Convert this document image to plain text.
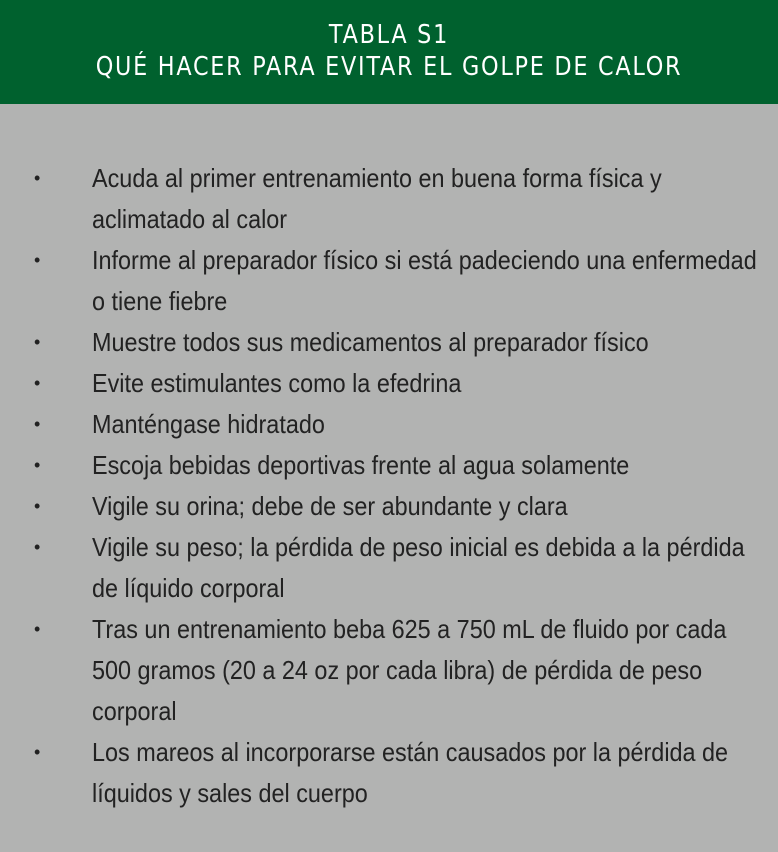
TABLA S1
QUÉ HACER PARA EVITAR EL GOLPE DE CALOR
• Acuda al primer entrenamiento en buena forma física y aclimatado al calor
• Informe al preparador físico si está padeciendo una enfermedad o tiene fiebre
• Muestre todos sus medicamentos al preparador físico
• Evite estimulantes como la efedrina
• Manténgase hidratado
• Escoja bebidas deportivas frente al agua solamente
• Vigile su orina; debe de ser abundante y clara
• Vigile su peso; la pérdida de peso inicial es debida a la pérdida de líquido corporal
• Tras un entrenamiento beba 625 a 750 mL de fluido por cada 500 gramos (20 a 24 oz por cada libra) de pérdida de peso corporal
• Los mareos al incorporarse están causados por la pérdida de líquidos y sales del cuerpo
